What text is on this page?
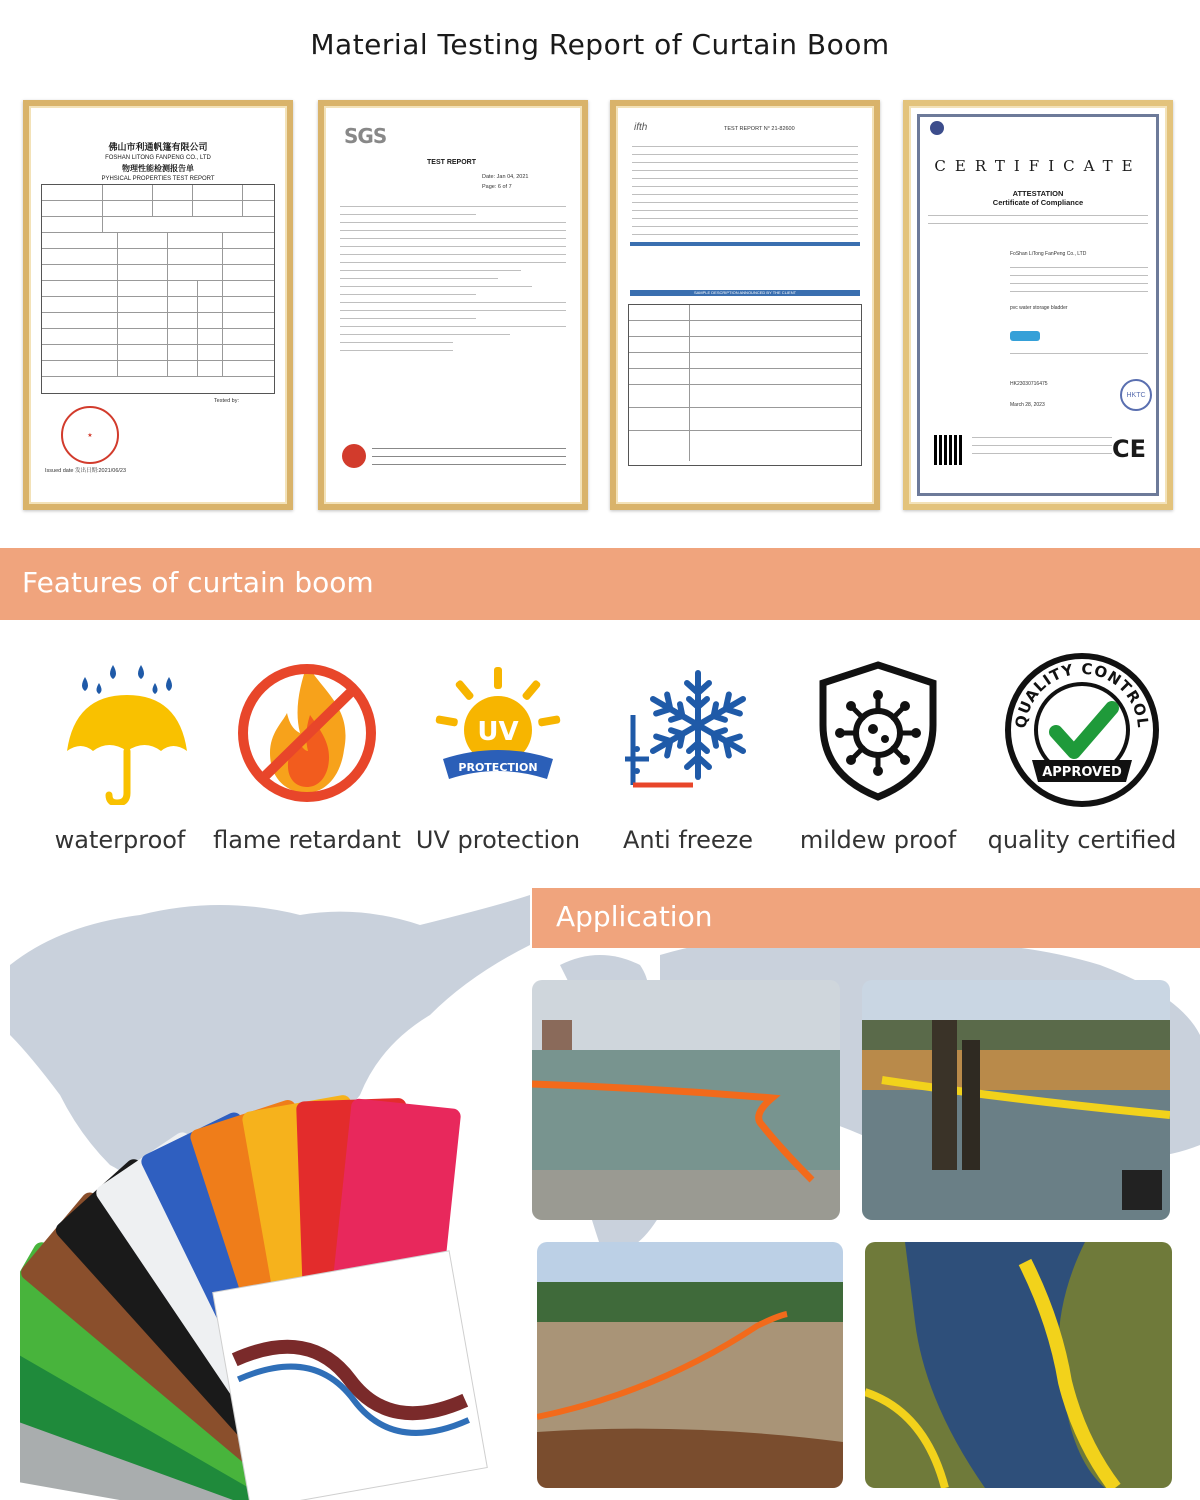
Material Testing Report of Curtain Boom
佛山市利通帆篷有限公司
FOSHAN LITONG FANPENG CO., LTD
物理性能检测报告单
PYHSICAL PROPERTIES TEST REPORT
Tested by:
★
Issued date 发出日期:2021/06/23
SGS
TEST REPORT
Date: Jan 04, 2021
Page: 6 of 7
ifth	TEST REPORT N° 21-82600
SAMPLE DESCRIPTION ANNOUNCED BY THE CLIENT
CERTIFICATE
ATTESTATION
Certificate of Compliance
FoShan LiTong FanPeng Co., LTD
pvc water storage bladder
HK23030716475
March 28, 2023
HKTC
CE
Features of curtain boom
waterproof	flame retardant
UV
PROTECTION
UV protection	Anti freeze	mildew proof
QUALITY CONTROL
APPROVED
quality certified
Application
